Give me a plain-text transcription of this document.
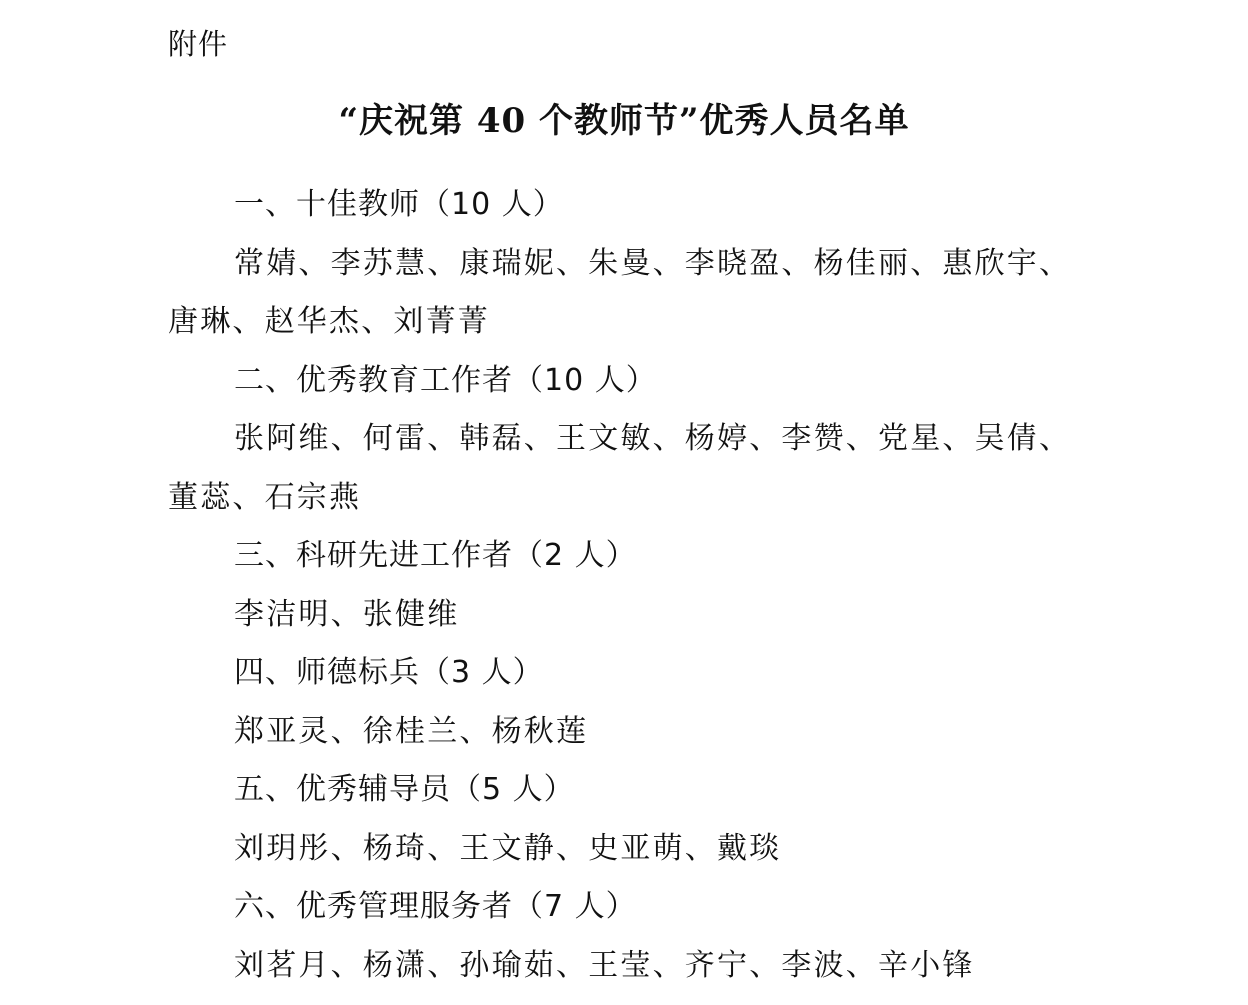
附件
“庆祝第 40 个教师节”优秀人员名单
一、十佳教师（10 人）
常婧、李苏慧、康瑞妮、朱曼、李晓盈、杨佳丽、惠欣宇、唐琳、赵华杰、刘菁菁
二、优秀教育工作者（10 人）
张阿维、何雷、韩磊、王文敏、杨婷、李赞、党星、吴倩、董蕊、石宗燕
三、科研先进工作者（2 人）
李洁明、张健维
四、师德标兵（3 人）
郑亚灵、徐桂兰、杨秋莲
五、优秀辅导员（5 人）
刘玥彤、杨琦、王文静、史亚萌、戴琰
六、优秀管理服务者（7 人）
刘茗月、杨潇、孙瑜茹、王莹、齐宁、李波、辛小锋
